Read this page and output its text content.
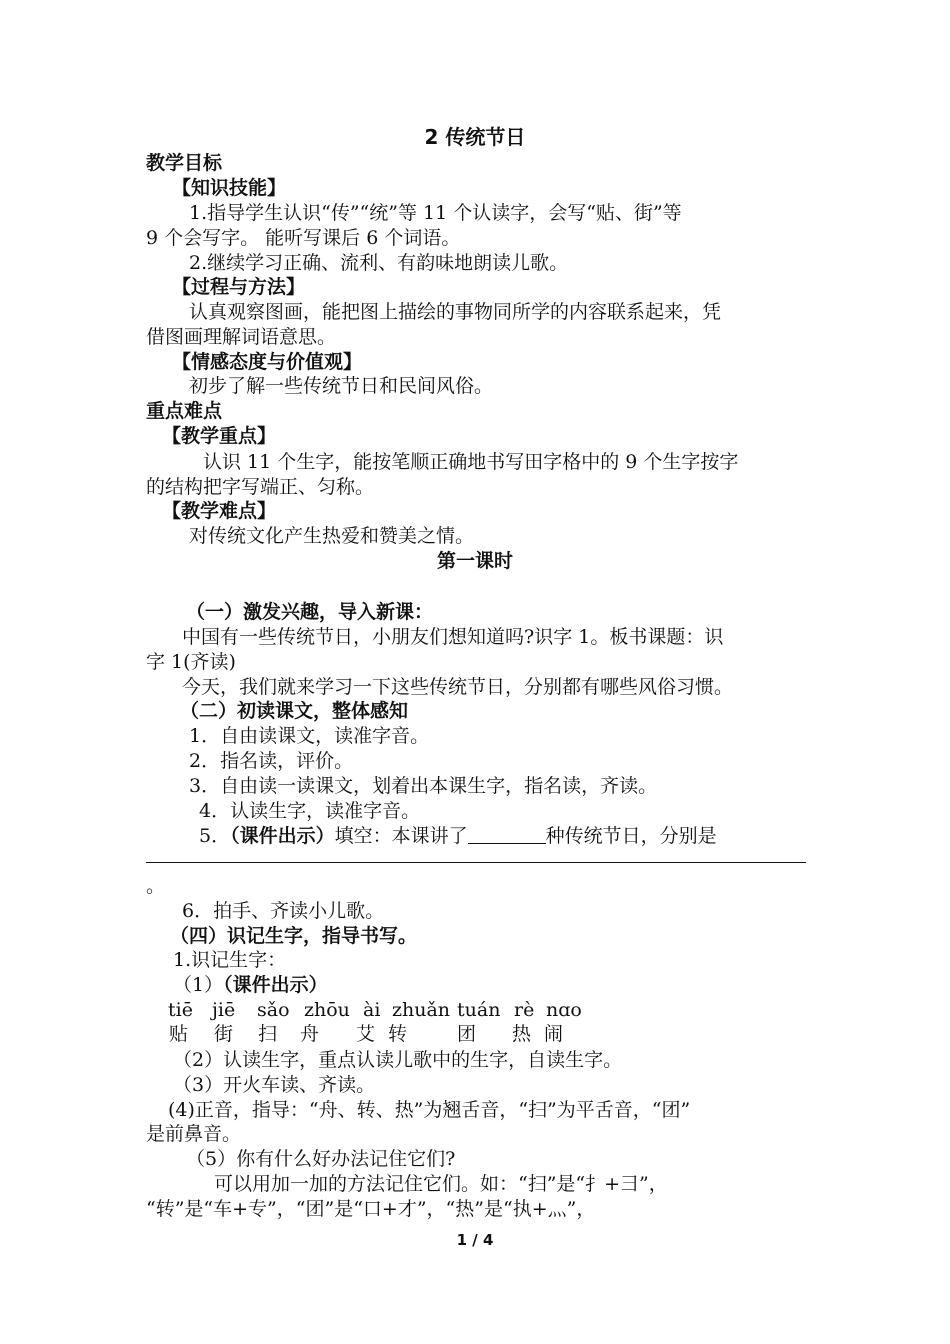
2 传统节日
教学目标
【知识技能】
1.指导学生认识“传”“统”等 11 个认读字，会写“贴、街”等
9 个会写字。 能听写课后 6 个词语。
2.继续学习正确、流利、有韵味地朗读儿歌。
【过程与方法】
认真观察图画，能把图上描绘的事物同所学的内容联系起来，凭
借图画理解词语意思。
【情感态度与价值观】
初步了解一些传统节日和民间风俗。
重点难点
【教学重点】
认识 11 个生字，能按笔顺正确地书写田字格中的 9 个生字按字
的结构把字写端正、匀称。
【教学难点】
对传统文化产生热爱和赞美之情。
第一课时
（一）激发兴趣，导入新课：
中国有一些传统节日，小朋友们想知道吗?识字 1。板书课题：识
字 1(齐读)
今天，我们就来学习一下这些传统节日，分别都有哪些风俗习惯。
（二）初读课文，整体感知
1．自由读课文，读准字音。
2．指名读，评价。
3．自由读一读课文，划着出本课生字，指名读，齐读。
4．认读生字，读准字音。
5．（课件出示）填空：本课讲了	种传统节日，分别是
。
6．拍手、齐读小儿歌。
（四）识记生字，指导书写。
1.识记生字：
（1）（课件出示）
tiē jiē sǎo zhōu ài zhuǎn tuán rè nɑo
贴 街 扫 舟 艾 转	团 热 闹
（2）认读生字，重点认读儿歌中的生字，自读生字。
（3）开火车读、齐读。
(4)正音，指导：“舟、转、热”为翘舌音，“扫”为平舌音，“团”
是前鼻音。
（5）你有什么好办法记住它们?
可以用加一加的方法记住它们。如：“扫”是“扌+彐”，
“转”是“车+专”，“团”是“口+才”，“热”是“执+灬”，
1 / 4
